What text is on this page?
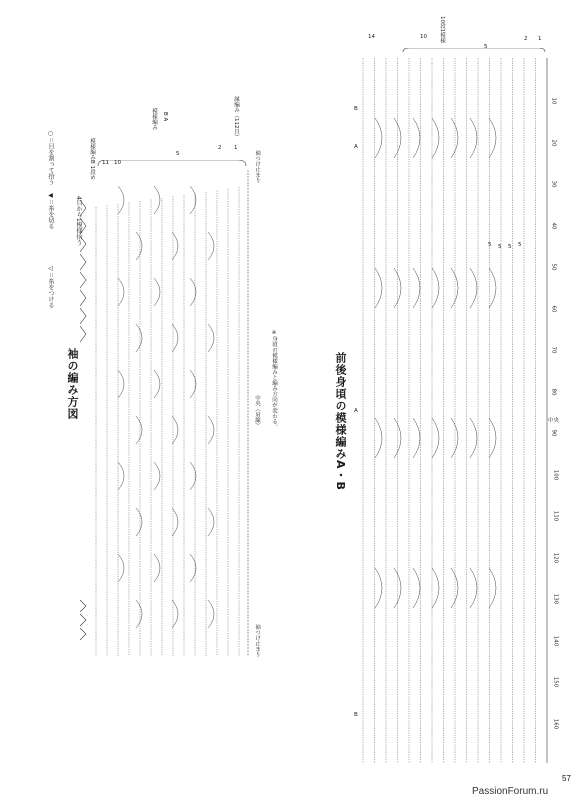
袖の編み方図
◁＝糸をつける
◀＝糸を切る
○＝目を割って拾う
4目から1模様拾う
模様編みB 1段め
模様編み B A	縁編み（112目）
袖つけ止まり
袖つけ止まり
中央（肩線） ※身頃の模様編みと編み方向が変わる。
11 10
5
2 1
前後身頃の模様編みA・B
10段1模様
中央
B
A
A
B
14	10
5
2 1
10
20
30
40
50
60
70
80
90
100
110
120
130
140
150
160
5 5 5 5
57
PassionForum.ru
